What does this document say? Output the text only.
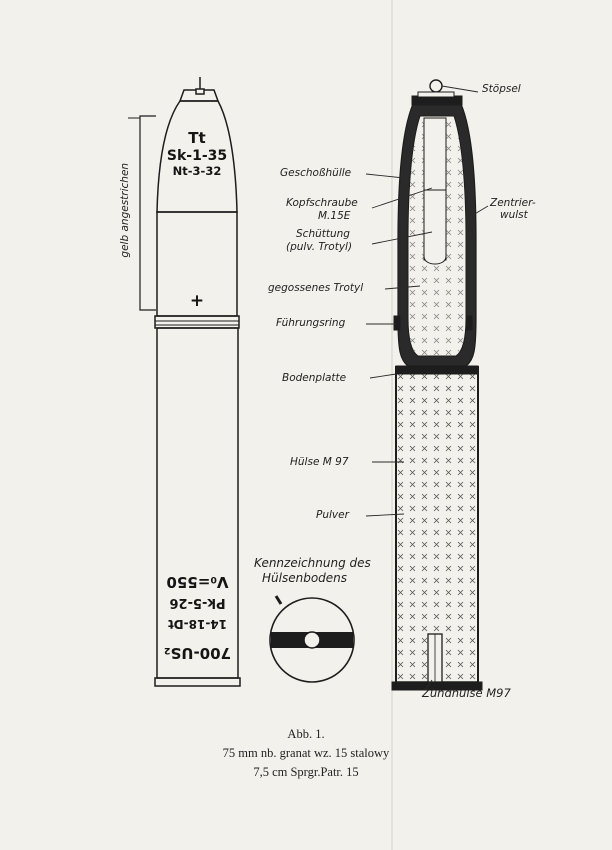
Tt
Sk-1-35
Nt-3-32
+
gelb angestrichen
V₀=550
Pk-5-26
14-18-Dt
700-US₂
Kennzeichnung des
Hülsenbodens
Stöpsel
Geschoßhülle
Kopfschraube
M.15E
Zentrier-
wulst
Schüttung
(pulv. Trotyl)
gegossenes Trotyl
Führungsring
Bodenplatte
Hülse M 97
Pulver
Zündhülse M97
Abb. 1.
75 mm nb. granat wz. 15 stalowy
7,5 cm Sprgr.Patr. 15
